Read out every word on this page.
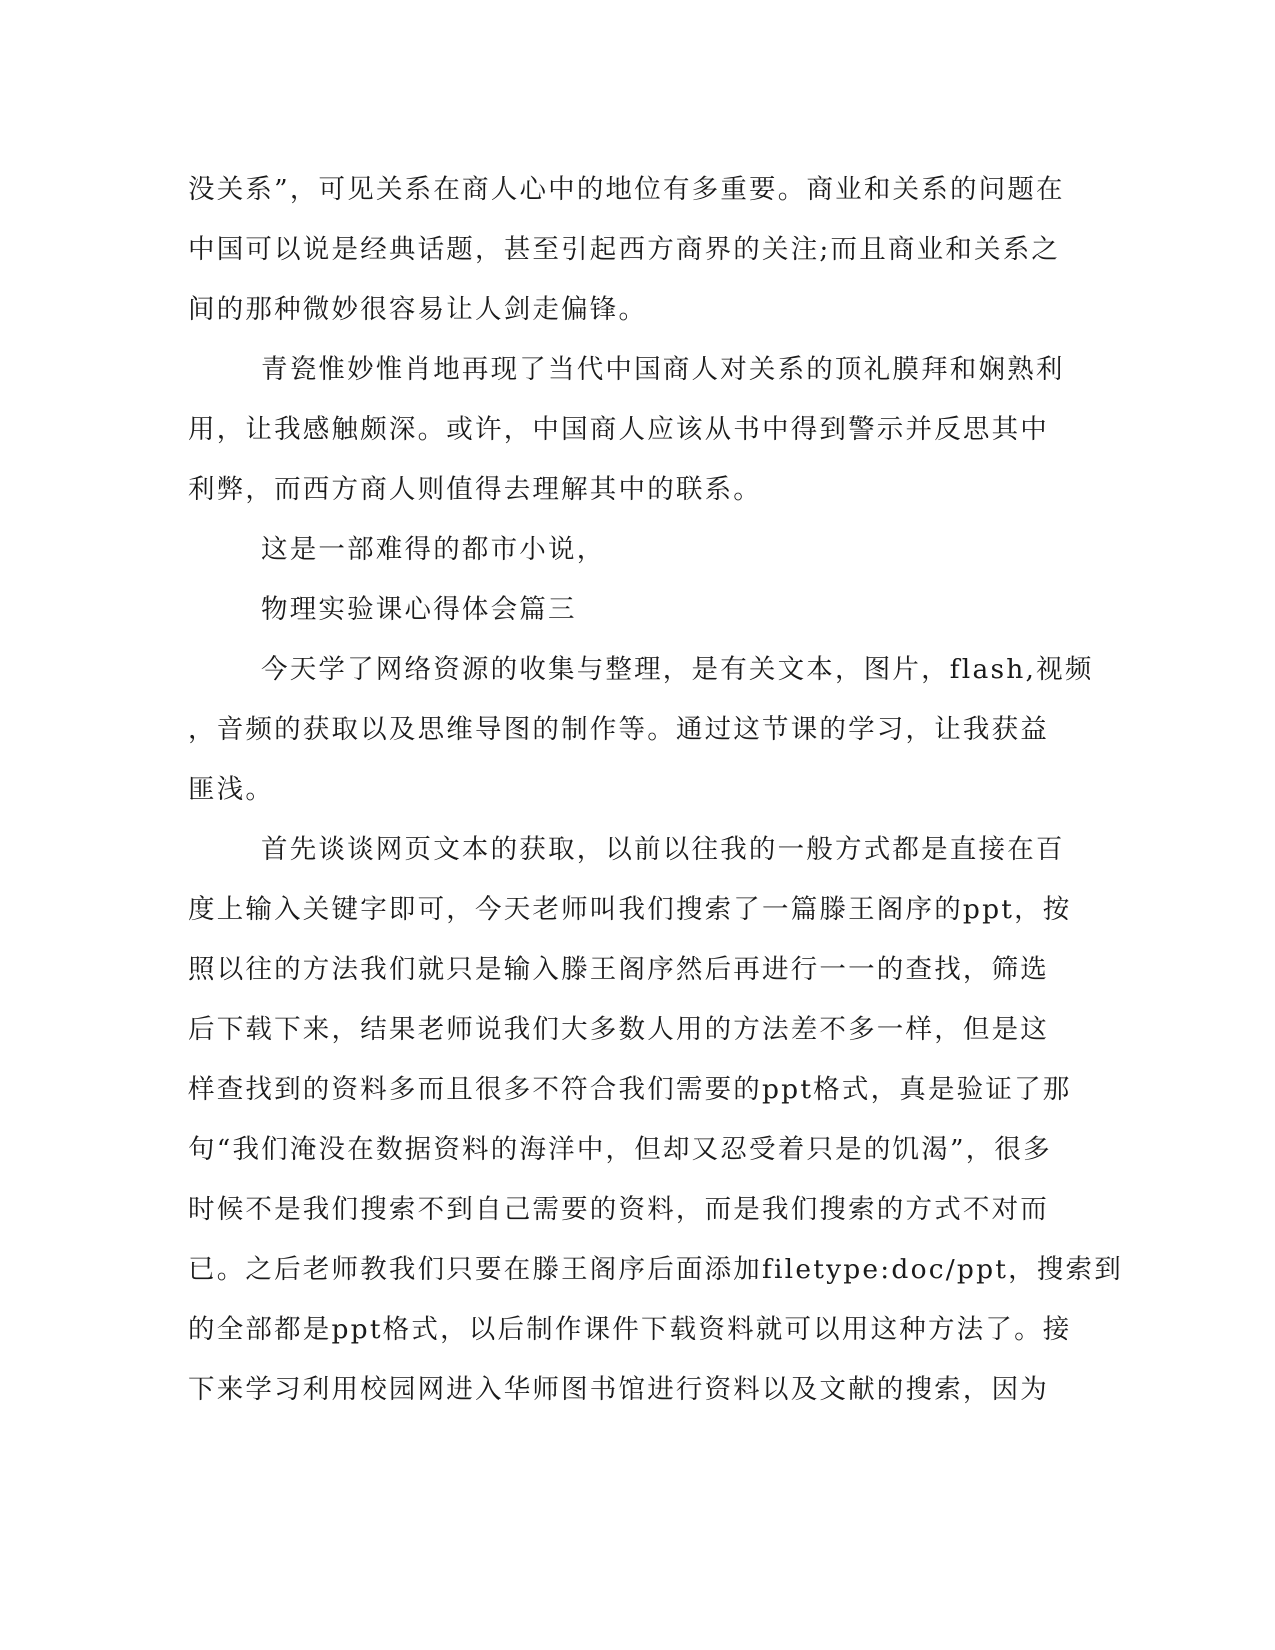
没关系”，可见关系在商人心中的地位有多重要。商业和关系的问题在
中国可以说是经典话题，甚至引起西方商界的关注;而且商业和关系之
间的那种微妙很容易让人剑走偏锋。
青瓷惟妙惟肖地再现了当代中国商人对关系的顶礼膜拜和娴熟利
用，让我感触颇深。或许，中国商人应该从书中得到警示并反思其中
利弊，而西方商人则值得去理解其中的联系。
这是一部难得的都市小说，
物理实验课心得体会篇三
今天学了网络资源的收集与整理，是有关文本，图片，flash,视频
，音频的获取以及思维导图的制作等。通过这节课的学习，让我获益
匪浅。
首先谈谈网页文本的获取，以前以往我的一般方式都是直接在百
度上输入关键字即可，今天老师叫我们搜索了一篇滕王阁序的ppt，按
照以往的方法我们就只是输入滕王阁序然后再进行一一的查找，筛选
后下载下来，结果老师说我们大多数人用的方法差不多一样，但是这
样查找到的资料多而且很多不符合我们需要的ppt格式，真是验证了那
句“我们淹没在数据资料的海洋中，但却又忍受着只是的饥渴”，很多
时候不是我们搜索不到自己需要的资料，而是我们搜索的方式不对而
已。之后老师教我们只要在滕王阁序后面添加filetype:doc/ppt，搜索到
的全部都是ppt格式，以后制作课件下载资料就可以用这种方法了。接
下来学习利用校园网进入华师图书馆进行资料以及文献的搜索，因为
